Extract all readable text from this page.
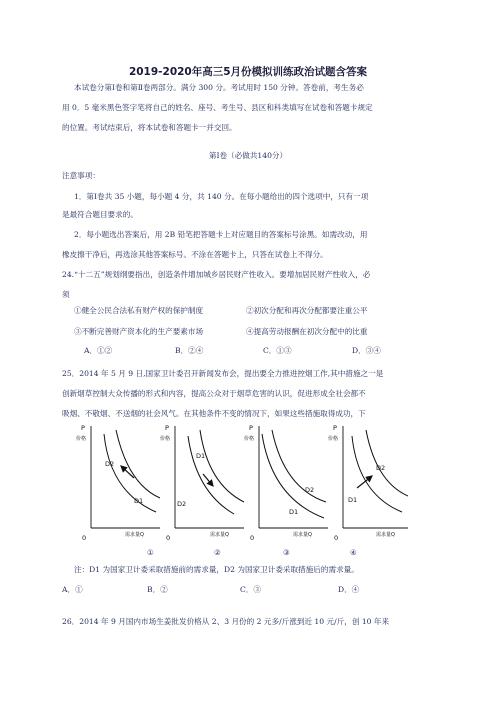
2019-2020年高三5月份模拟训练政治试题含答案
本试卷分第Ⅰ卷和第Ⅱ卷两部分。满分 300 分。考试用时 150 分钟。答卷前，考生务必
用 0．5 毫米黑色签字笔将自己的姓名、座号、考生号、县区和科类填写在试卷和答题卡规定
的位置。考试结束后，将本试卷和答题卡一并交回。
第Ⅰ卷（必做共140分）
注意事项：
1．第Ⅰ卷共 35 小题，每小题 4 分，共 140 分。在每小题给出的四个选项中，只有一项
是最符合题目要求的。
2．每小题选出答案后，用 2B 铅笔把答题卡上对应题目的答案标号涂黑。如需改动，用
橡皮擦干净后，再选涂其他答案标号。不涂在答题卡上，只答在试卷上不得分。
24.“十二五”规划纲要指出，创造条件增加城乡居民财产性收入。要增加居民财产性收入，必
须
①健全公民合法私有财产权的保护制度	②初次分配和再次分配都要注重公平
③不断完善财产资本化的生产要素市场	④提高劳动报酬在初次分配中的比重
A．①②	B．②④	C．①③	D．③④
25．2014 年 5 月 9 日,国家卫计委召开新闻发布会，提出要全力推进控烟工作,其中措施之一是
创新烟草控制大众传播的形式和内容，提高公众对于烟草危害的认识，促进形成全社会都不
吸烟、不敬烟、不送烟的社会风气。在其他条件不变的情况下，如果这些措施取得成功，下
P
价格
需求量Q
0
D2
D1
P
价格
需求量Q
0
D1
D2
P
价格
需求量Q
0
D2
D1
P
价格
需求量Q
0
D2
D1
①	②	③	④
注：D1 为国家卫计委采取措施前的需求量，D2 为国家卫计委采取措施后的需求量。
A．①	B．②	C．③	D．④
26．2014 年 9 月国内市场生姜批发价格从 2、3 月份的 2 元多/斤涨到近 10 元/斤，创 10 年来
